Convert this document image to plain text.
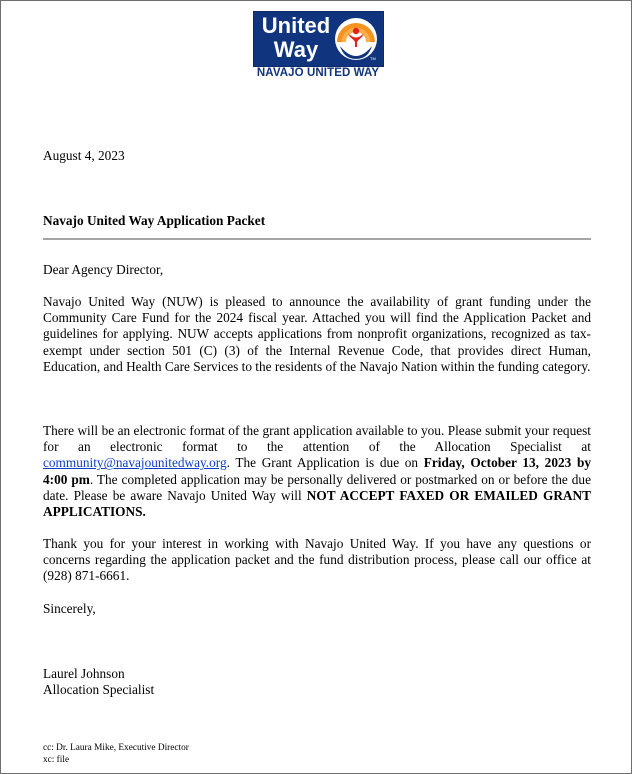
United
Way	TM
NAVAJO UNITED WAY
August 4, 2023
Navajo United Way Application Packet
Dear Agency Director,
Navajo United Way (NUW) is pleased to announce the availability of grant funding under the Community Care Fund for the 2024 fiscal year. Attached you will find the Application Packet and guidelines for applying. NUW accepts applications from nonprofit organizations, recognized as tax-exempt under section 501 (C) (3) of the Internal Revenue Code, that provides direct Human, Education, and Health Care Services to the residents of the Navajo Nation within the funding category.
There will be an electronic format of the grant application available to you. Please submit your request for an electronic format to the attention of the Allocation Specialist at community@navajounitedway.org. The Grant Application is due on Friday, October 13, 2023 by 4:00 pm. The completed application may be personally delivered or postmarked on or before the due date. Please be aware Navajo United Way will NOT ACCEPT FAXED OR EMAILED GRANT APPLICATIONS.
Thank you for your interest in working with Navajo United Way. If you have any questions or concerns regarding the application packet and the fund distribution process, please call our office at (928) 871-6661.
Sincerely,
Laurel Johnson
Allocation Specialist
cc: Dr. Laura Mike, Executive Director
xc: file
